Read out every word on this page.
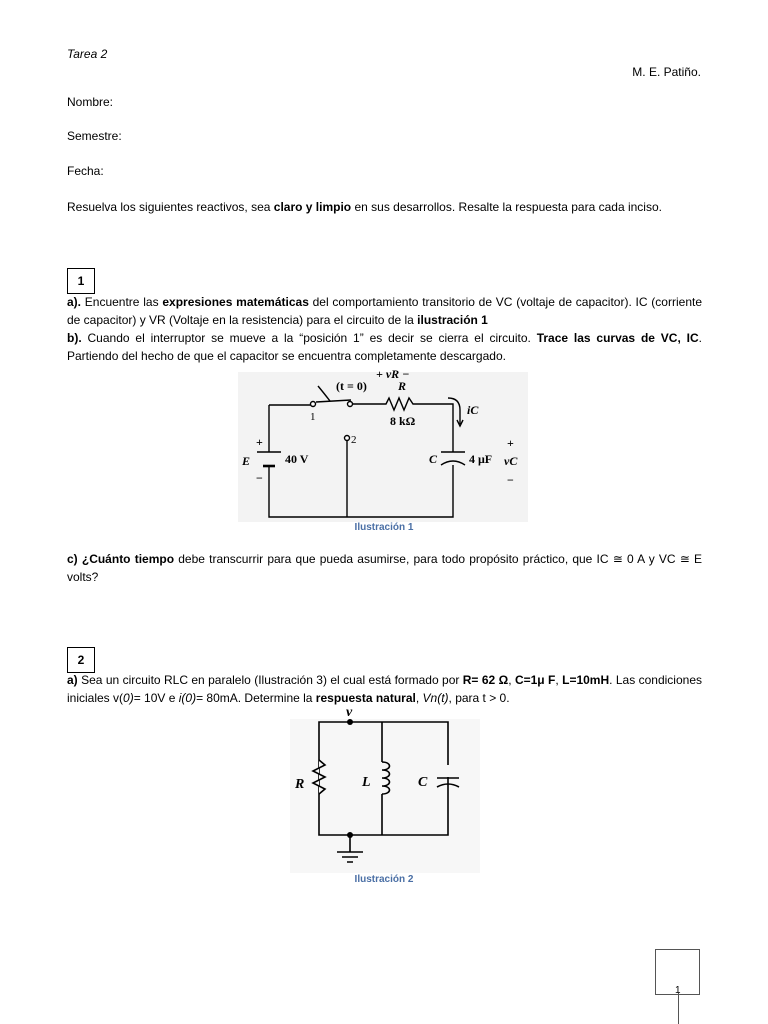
Tarea 2
M. E. Patiño.
Nombre:
Semestre:
Fecha:
Resuelva los siguientes reactivos, sea claro y limpio en sus desarrollos. Resalte la respuesta para cada inciso.
1
a). Encuentre las expresiones matemáticas del comportamiento transitorio de VC (voltaje de capacitor). IC (corriente de capacitor) y VR (Voltaje en la resistencia) para el circuito de la ilustración 1
b). Cuando el interruptor se mueve a la “posición 1” es decir se cierra el circuito. Trace las curvas de VC, IC. Partiendo del hecho de que el capacitor se encuentra completamente descargado.
+ vR −
(t = 0)	R
8 kΩ
iC
1
2
+
E	40 V
−
C	4 μF
+
vC
−
Ilustración 1
c) ¿Cuánto tiempo debe transcurrir para que pueda asumirse, para todo propósito práctico, que IC ≅ 0 A y VC ≅ E volts?
2
a) Sea un circuito RLC en paralelo (Ilustración 3) el cual está formado por R= 62 Ω, C=1μ F, L=10mH. Las condiciones iniciales v(0)= 10V e i(0)= 80mA. Determine la respuesta natural, Vn(t), para t > 0.
v
R	L	C
Ilustración 2
1
